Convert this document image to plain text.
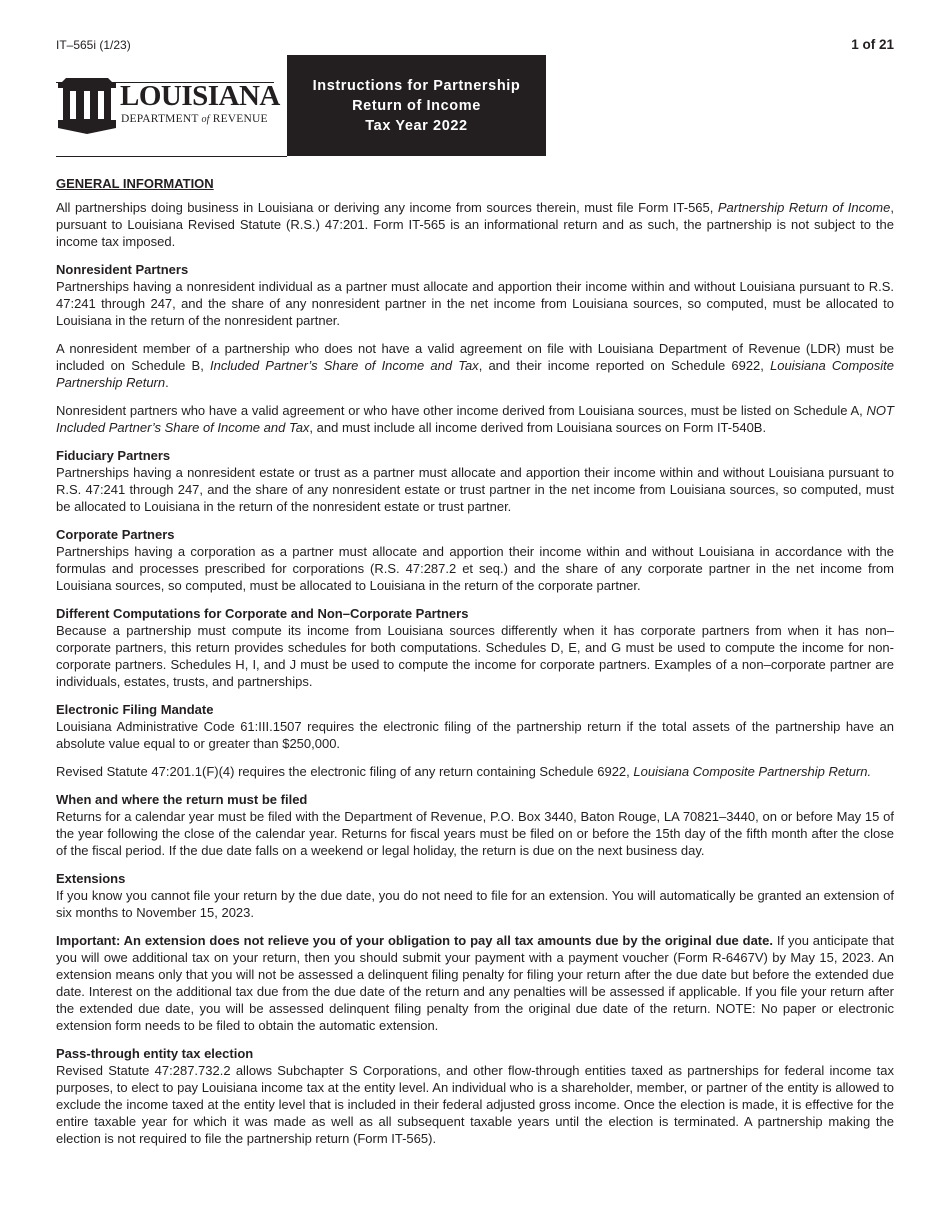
IT–565i (1/23)	1 of 21
LOUISIANA
DEPARTMENT of REVENUE
Instructions for Partnership
Return of Income
Tax Year 2022
GENERAL INFORMATION

All partnerships doing business in Louisiana or deriving any income from sources therein, must file Form IT-565, Partnership Return of Income, pursuant to Louisiana Revised Statute (R.S.) 47:201. Form IT-565 is an informational return and as such, the partnership is not subject to the income tax imposed.

Nonresident Partners

Partnerships having a nonresident individual as a partner must allocate and apportion their income within and without Louisiana pursuant to R.S. 47:241 through 247, and the share of any nonresident partner in the net income from Louisiana sources, so computed, must be allocated to Louisiana in the return of the nonresident partner.

A nonresident member of a partnership who does not have a valid agreement on file with Louisiana Department of Revenue (LDR) must be included on Schedule B, Included Partner’s Share of Income and Tax, and their income reported on Schedule 6922, Louisiana Composite Partnership Return.

Nonresident partners who have a valid agreement or who have other income derived from Louisiana sources, must be listed on Schedule A, NOT Included Partner’s Share of Income and Tax, and must include all income derived from Louisiana sources on Form IT-540B.

Fiduciary Partners

Partnerships having a nonresident estate or trust as a partner must allocate and apportion their income within and without Louisiana pursuant to R.S. 47:241 through 247, and the share of any nonresident estate or trust partner in the net income from Louisiana sources, so computed, must be allocated to Louisiana in the return of the nonresident estate or trust partner.

Corporate Partners

Partnerships having a corporation as a partner must allocate and apportion their income within and without Louisiana in accordance with the formulas and processes prescribed for corporations (R.S. 47:287.2 et seq.) and the share of any corporate partner in the net income from Louisiana sources, so computed, must be allocated to Louisiana in the return of the corporate partner.

Different Computations for Corporate and Non–Corporate Partners

Because a partnership must compute its income from Louisiana sources differently when it has corporate partners from when it has non–corporate partners, this return provides schedules for both computations. Schedules D, E, and G must be used to compute the income for non-corporate partners. Schedules H, I, and J must be used to compute the income for corporate partners. Examples of a non–corporate partner are individuals, estates, trusts, and partnerships.

Electronic Filing Mandate

Louisiana Administrative Code 61:III.1507 requires the electronic filing of the partnership return if the total assets of the partnership have an absolute value equal to or greater than $250,000.

Revised Statute 47:201.1(F)(4) requires the electronic filing of any return containing Schedule 6922, Louisiana Composite Partnership Return.

When and where the return must be filed

Returns for a calendar year must be filed with the Department of Revenue, P.O. Box 3440, Baton Rouge, LA 70821–3440, on or before May 15 of the year following the close of the calendar year. Returns for fiscal years must be filed on or before the 15th day of the fifth month after the close of the fiscal period. If the due date falls on a weekend or legal holiday, the return is due on the next business day.

Extensions

If you know you cannot file your return by the due date, you do not need to file for an extension. You will automatically be granted an extension of six months to November 15, 2023.

Important: An extension does not relieve you of your obligation to pay all tax amounts due by the original due date. If you anticipate that you will owe additional tax on your return, then you should submit your payment with a payment voucher (Form R-6467V) by May 15, 2023. An extension means only that you will not be assessed a delinquent filing penalty for filing your return after the due date but before the extended due date. Interest on the additional tax due from the due date of the return and any penalties will be assessed if applicable. If you file your return after the extended due date, you will be assessed delinquent filing penalty from the original due date of the return. NOTE: No paper or electronic extension form needs to be filed to obtain the automatic extension.

Pass-through entity tax election

Revised Statute 47:287.732.2 allows Subchapter S Corporations, and other flow-through entities taxed as partnerships for federal income tax purposes, to elect to pay Louisiana income tax at the entity level. An individual who is a shareholder, member, or partner of the entity is allowed to exclude the income taxed at the entity level that is included in their federal adjusted gross income. Once the election is made, it is effective for the entire taxable year for which it was made as well as all subsequent taxable years until the election is terminated. A partnership making the election is not required to file the partnership return (Form IT-565).
